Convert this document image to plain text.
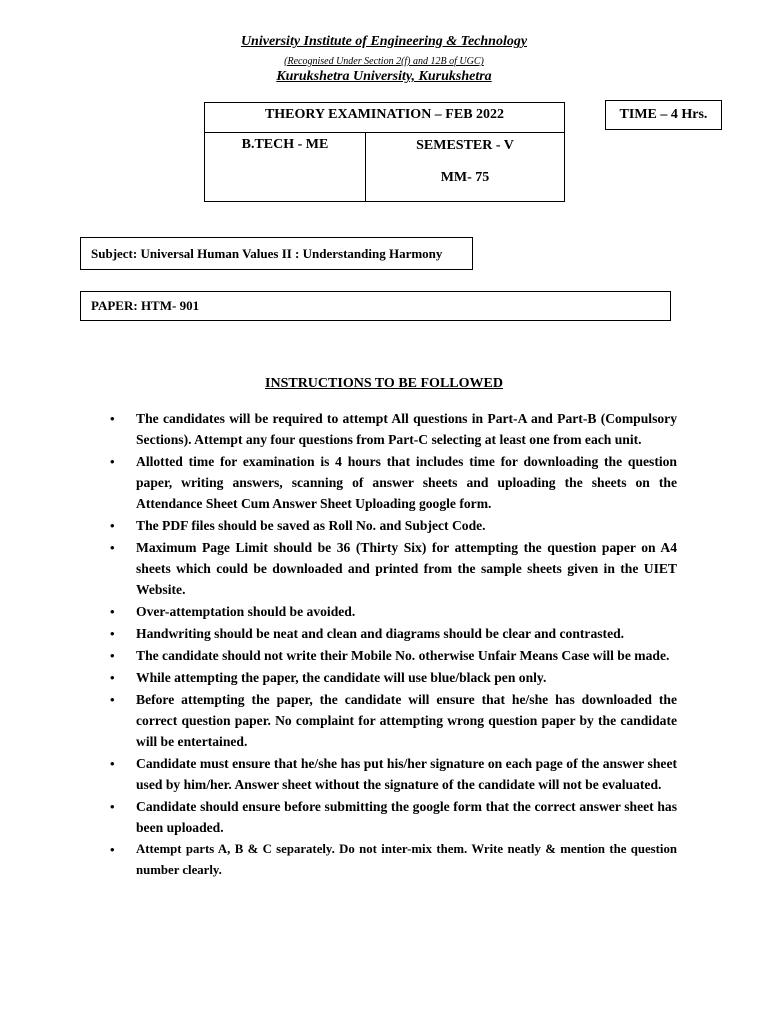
University Institute of Engineering & Technology
(Recognised Under Section 2(f) and 12B of UGC)
Kurukshetra University, Kurukshetra
THEORY EXAMINATION – FEB 2022

B.TECH - ME	SEMESTER - V
MM- 75
TIME – 4 Hrs.
Subject: Universal Human Values II : Understanding Harmony
PAPER: HTM- 901
INSTRUCTIONS TO BE FOLLOWED
• The candidates will be required to attempt All questions in Part-A and Part-B (Compulsory Sections). Attempt any four questions from Part-C selecting at least one from each unit.
• Allotted time for examination is 4 hours that includes time for downloading the question paper, writing answers, scanning of answer sheets and uploading the sheets on the Attendance Sheet Cum Answer Sheet Uploading google form.
• The PDF files should be saved as Roll No. and Subject Code.
• Maximum Page Limit should be 36 (Thirty Six) for attempting the question paper on A4 sheets which could be downloaded and printed from the sample sheets given in the UIET Website.
• Over-attemptation should be avoided.
• Handwriting should be neat and clean and diagrams should be clear and contrasted.
• The candidate should not write their Mobile No. otherwise Unfair Means Case will be made.
• While attempting the paper, the candidate will use blue/black pen only.
• Before attempting the paper, the candidate will ensure that he/she has downloaded the correct question paper. No complaint for attempting wrong question paper by the candidate will be entertained.
• Candidate must ensure that he/she has put his/her signature on each page of the answer sheet used by him/her. Answer sheet without the signature of the candidate will not be evaluated.
• Candidate should ensure before submitting the google form that the correct answer sheet has been uploaded.
• Attempt parts A, B & C separately. Do not inter-mix them. Write neatly & mention the question number clearly.
